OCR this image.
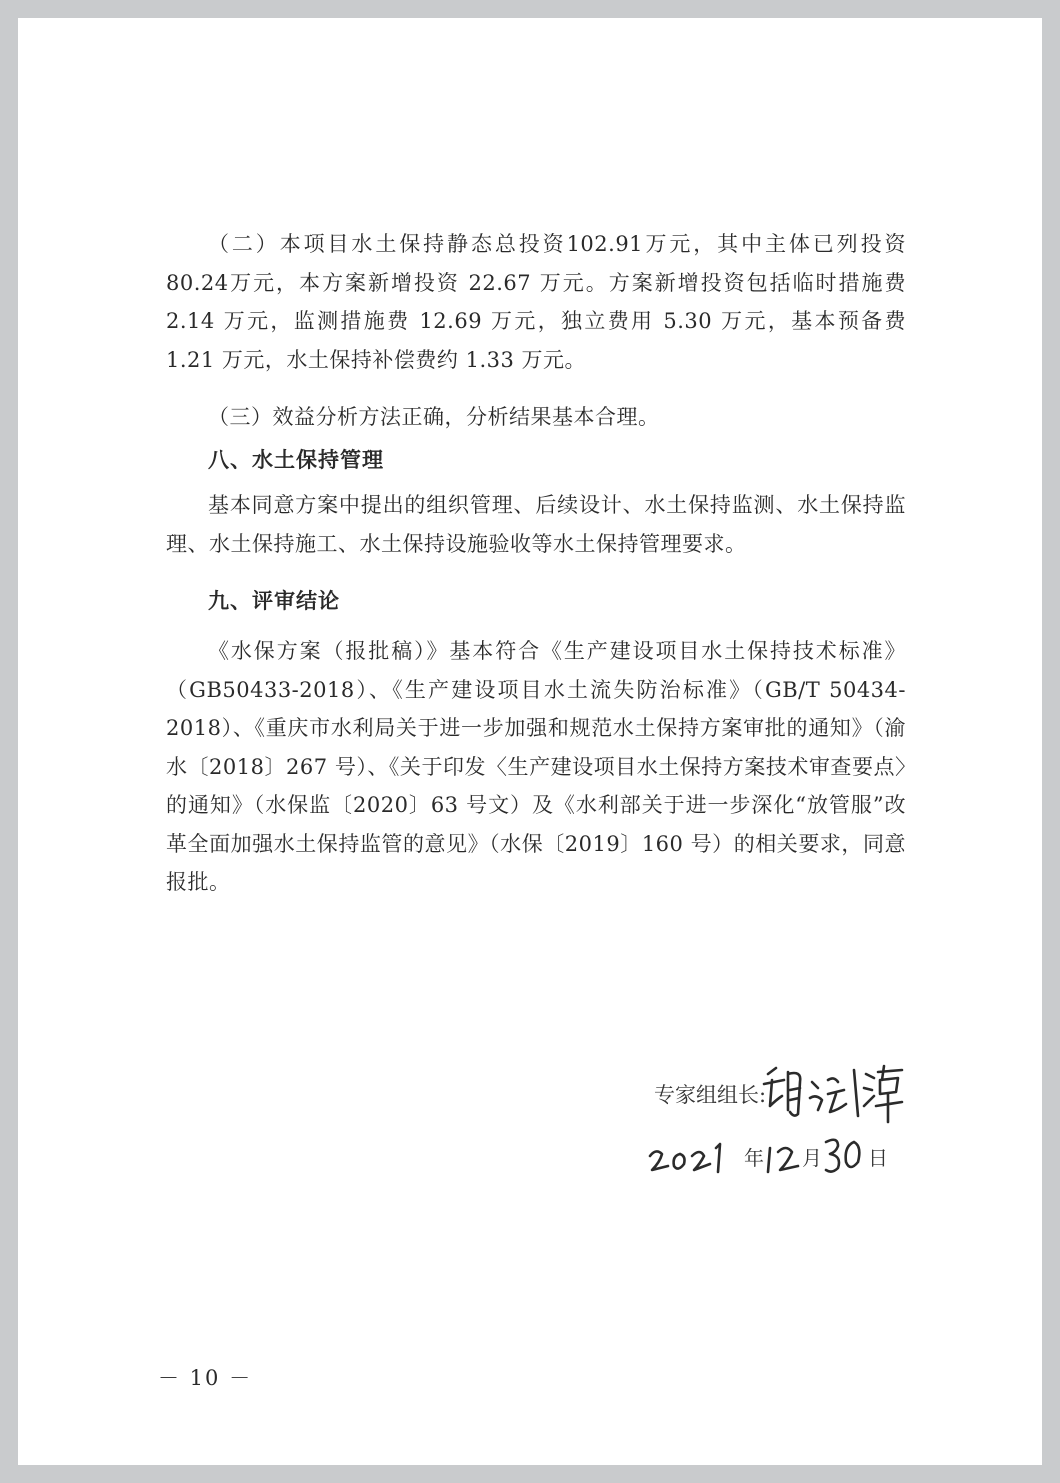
（二）本项目水土保持静态总投资102.91万元，其中主体已列投资80.24万元，本方案新增投资 22.67 万元。方案新增投资包括临时措施费 2.14 万元，监测措施费 12.69 万元，独立费用 5.30 万元，基本预备费 1.21 万元，水土保持补偿费约 1.33 万元。
（三）效益分析方法正确，分析结果基本合理。
八、水土保持管理
基本同意方案中提出的组织管理、后续设计、水土保持监测、水土保持监理、水土保持施工、水土保持设施验收等水土保持管理要求。
九、评审结论
《水保方案（报批稿）》基本符合《生产建设项目水土保持技术标准》（GB50433-2018）、《生产建设项目水土流失防治标准》（GB/T 50434-2018）、《重庆市水利局关于进一步加强和规范水土保持方案审批的通知》（渝水〔2018〕267 号）、《关于印发〈生产建设项目水土保持方案技术审查要点〉的通知》（水保监〔2020〕63 号文）及《水利部关于进一步深化“放管服”改革全面加强水土保持监管的意见》（水保〔2019〕160 号）的相关要求，同意报批。
专家组组长:
年 月 日
－ 10 －
